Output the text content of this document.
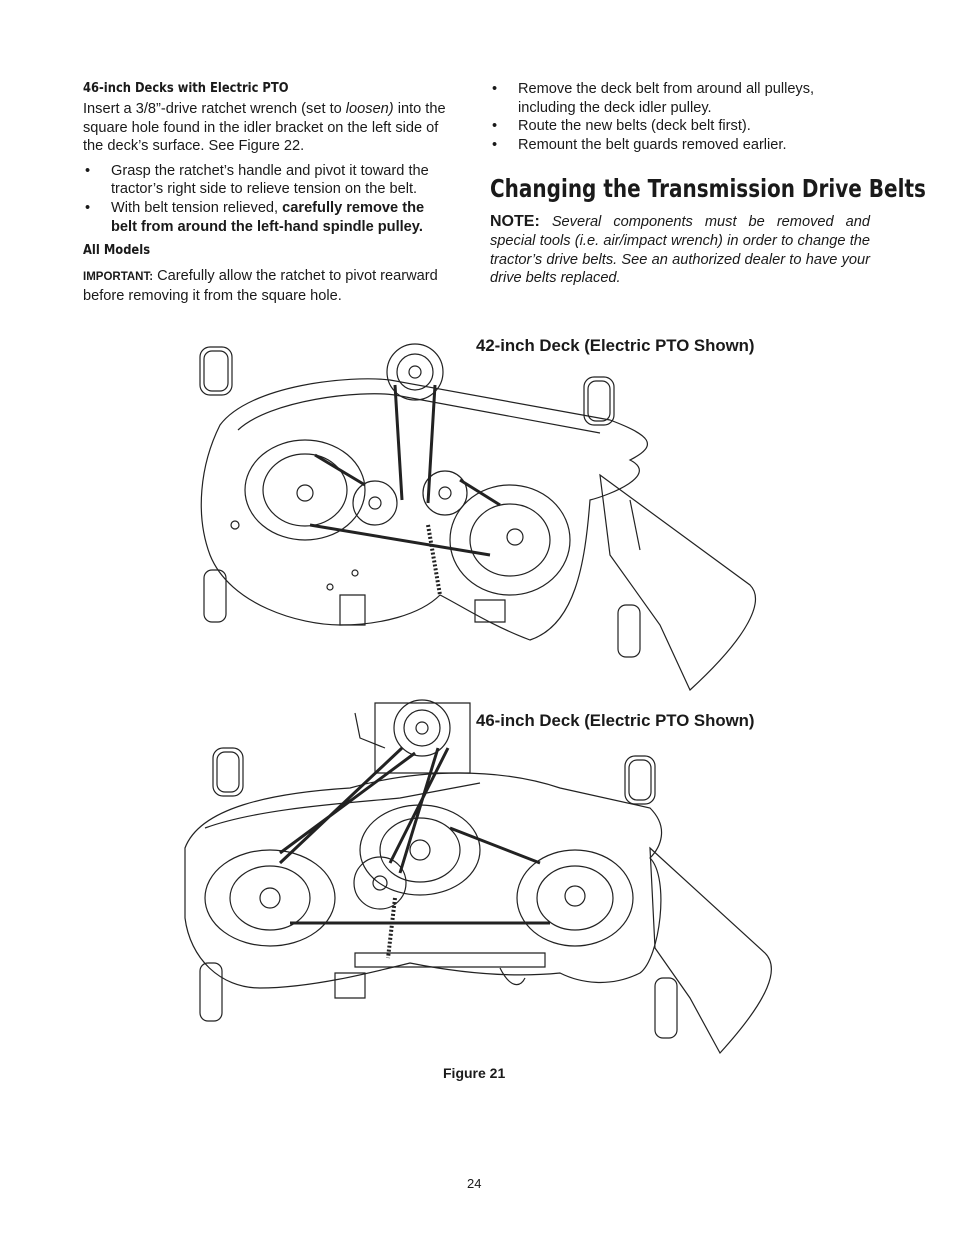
46-inch Decks with Electric PTO

Insert a 3/8”-drive ratchet wrench (set to loosen) into the square hole found in the idler bracket on the left side of the deck’s surface. See Figure 22.

• Grasp the ratchet’s handle and pivot it toward the tractor’s right side to relieve tension on the belt.
• With belt tension relieved, carefully remove the belt from around the left-hand spindle pulley.

All Models

IMPORTANT: Carefully allow the ratchet to pivot rearward before removing it from the square hole.

• Remove the deck belt from around all pulleys, including the deck idler pulley.
• Route the new belts (deck belt first).
• Remount the belt guards removed earlier.

Changing the Transmission Drive Belts

NOTE: Several components must be removed and special tools (i.e. air/impact wrench) in order to change the tractor’s drive belts. See an authorized dealer to have your drive belts replaced.

42-inch Deck (Electric PTO Shown)
46-inch Deck (Electric PTO Shown)
Figure 21
24
